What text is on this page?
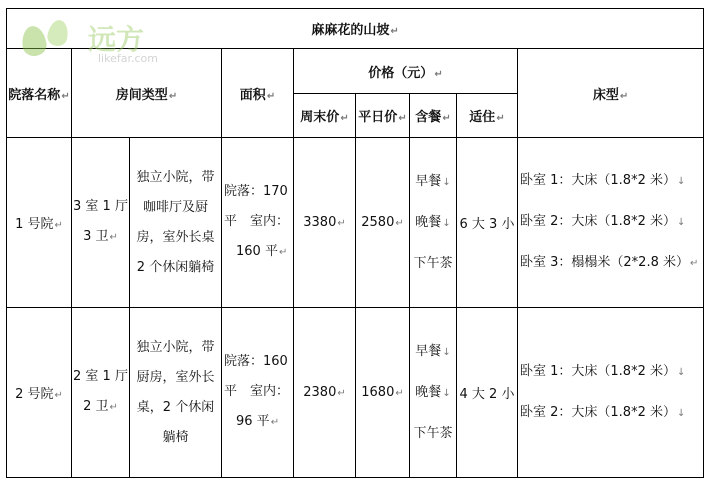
远方
likefar.com
麻麻花的山坡↵								
院落名称↵	房间类型↵		面积↵	价格（元）↵				床型↵
				周末价↵	平日价↵	含餐↵	适住↵	
1 号院↵	3 室 1 厅
3 卫↵	独立小院，带
咖啡厅及厨
房，室外长桌
2 个休闲躺椅	院落：170
平　室内：
160 平↵	3380↵	2580↵	早餐↓
晚餐↓
下午茶	6 大 3 小	卧室 1：大床（1.8*2 米）↓
卧室 2：大床（1.8*2 米）↓
卧室 3：榻榻米（2*2.8 米）↵

2 号院↵	2 室 1 厅
2 卫↵	独立小院，带
厨房，室外长
桌，2 个休闲
躺椅	院落：160
平　室内：
96 平↵	2380↵	1680↵	早餐↓
晚餐↓
下午茶	4 大 2 小	卧室 1：大床（1.8*2 米）↓
卧室 2：大床（1.8*2 米）↓
